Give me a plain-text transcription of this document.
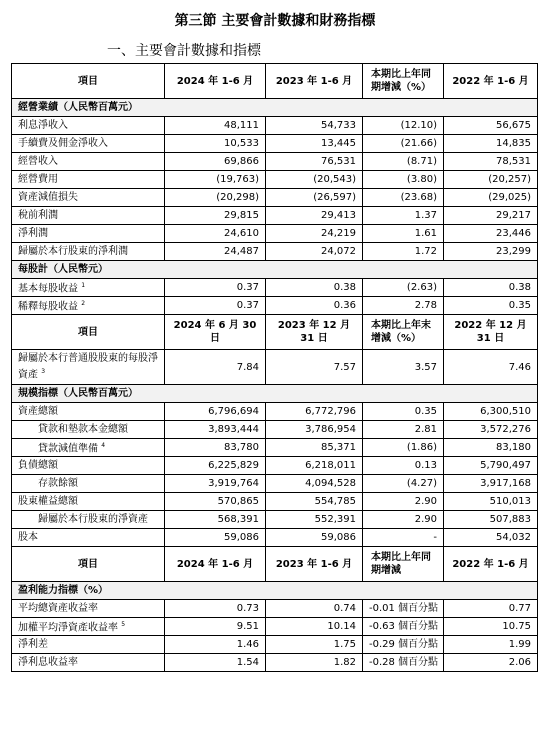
第三節 主要會計數據和財務指標
一、主要會計數據和指標
項目	2024 年 1-6 月	2023 年 1-6 月	本期比上年同期增減（%）	2022 年 1-6 月
經營業績（人民幣百萬元）				
利息淨收入	48,111	54,733	(12.10)	56,675
手續費及佣金淨收入	10,533	13,445	(21.66)	14,835
經營收入	69,866	76,531	(8.71)	78,531
經營費用	(19,763)	(20,543)	(3.80)	(20,257)
資產減值損失	(20,298)	(26,597)	(23.68)	(29,025)
稅前利潤	29,815	29,413	1.37	29,217
淨利潤	24,610	24,219	1.61	23,446
歸屬於本行股東的淨利潤	24,487	24,072	1.72	23,299
每股計（人民幣元）				
基本每股收益 $^1$	0.37	0.38	(2.63)	0.38
稀釋每股收益 $^2$	0.37	0.36	2.78	0.35
項目	2024 年 6 月 30 日	2023 年 12 月 31 日	本期比上年末增減（%）	2022 年 12 月 31 日
歸屬於本行普通股股東的每股淨資產 $^3$	7.84	7.57	3.57	7.46
規模指標（人民幣百萬元）				
資產總額	6,796,694	6,772,796	0.35	6,300,510
貸款和墊款本金總額	3,893,444	3,786,954	2.81	3,572,276
貸款減值準備 $^4$	83,780	85,371	(1.86)	83,180
負債總額	6,225,829	6,218,011	0.13	5,790,497
存款餘額	3,919,764	4,094,528	(4.27)	3,917,168
股東權益總額	570,865	554,785	2.90	510,013
歸屬於本行股東的淨資產	568,391	552,391	2.90	507,883
股本	59,086	59,086	-	54,032
項目	2024 年 1-6 月	2023 年 1-6 月	本期比上年同期增減	2022 年 1-6 月
盈利能力指標（%）				
平均總資產收益率	0.73	0.74	-0.01 個百分點	0.77
加權平均淨資產收益率 $^5$	9.51	10.14	-0.63 個百分點	10.75
淨利差	1.46	1.75	-0.29 個百分點	1.99
淨利息收益率	1.54	1.82	-0.28 個百分點	2.06
